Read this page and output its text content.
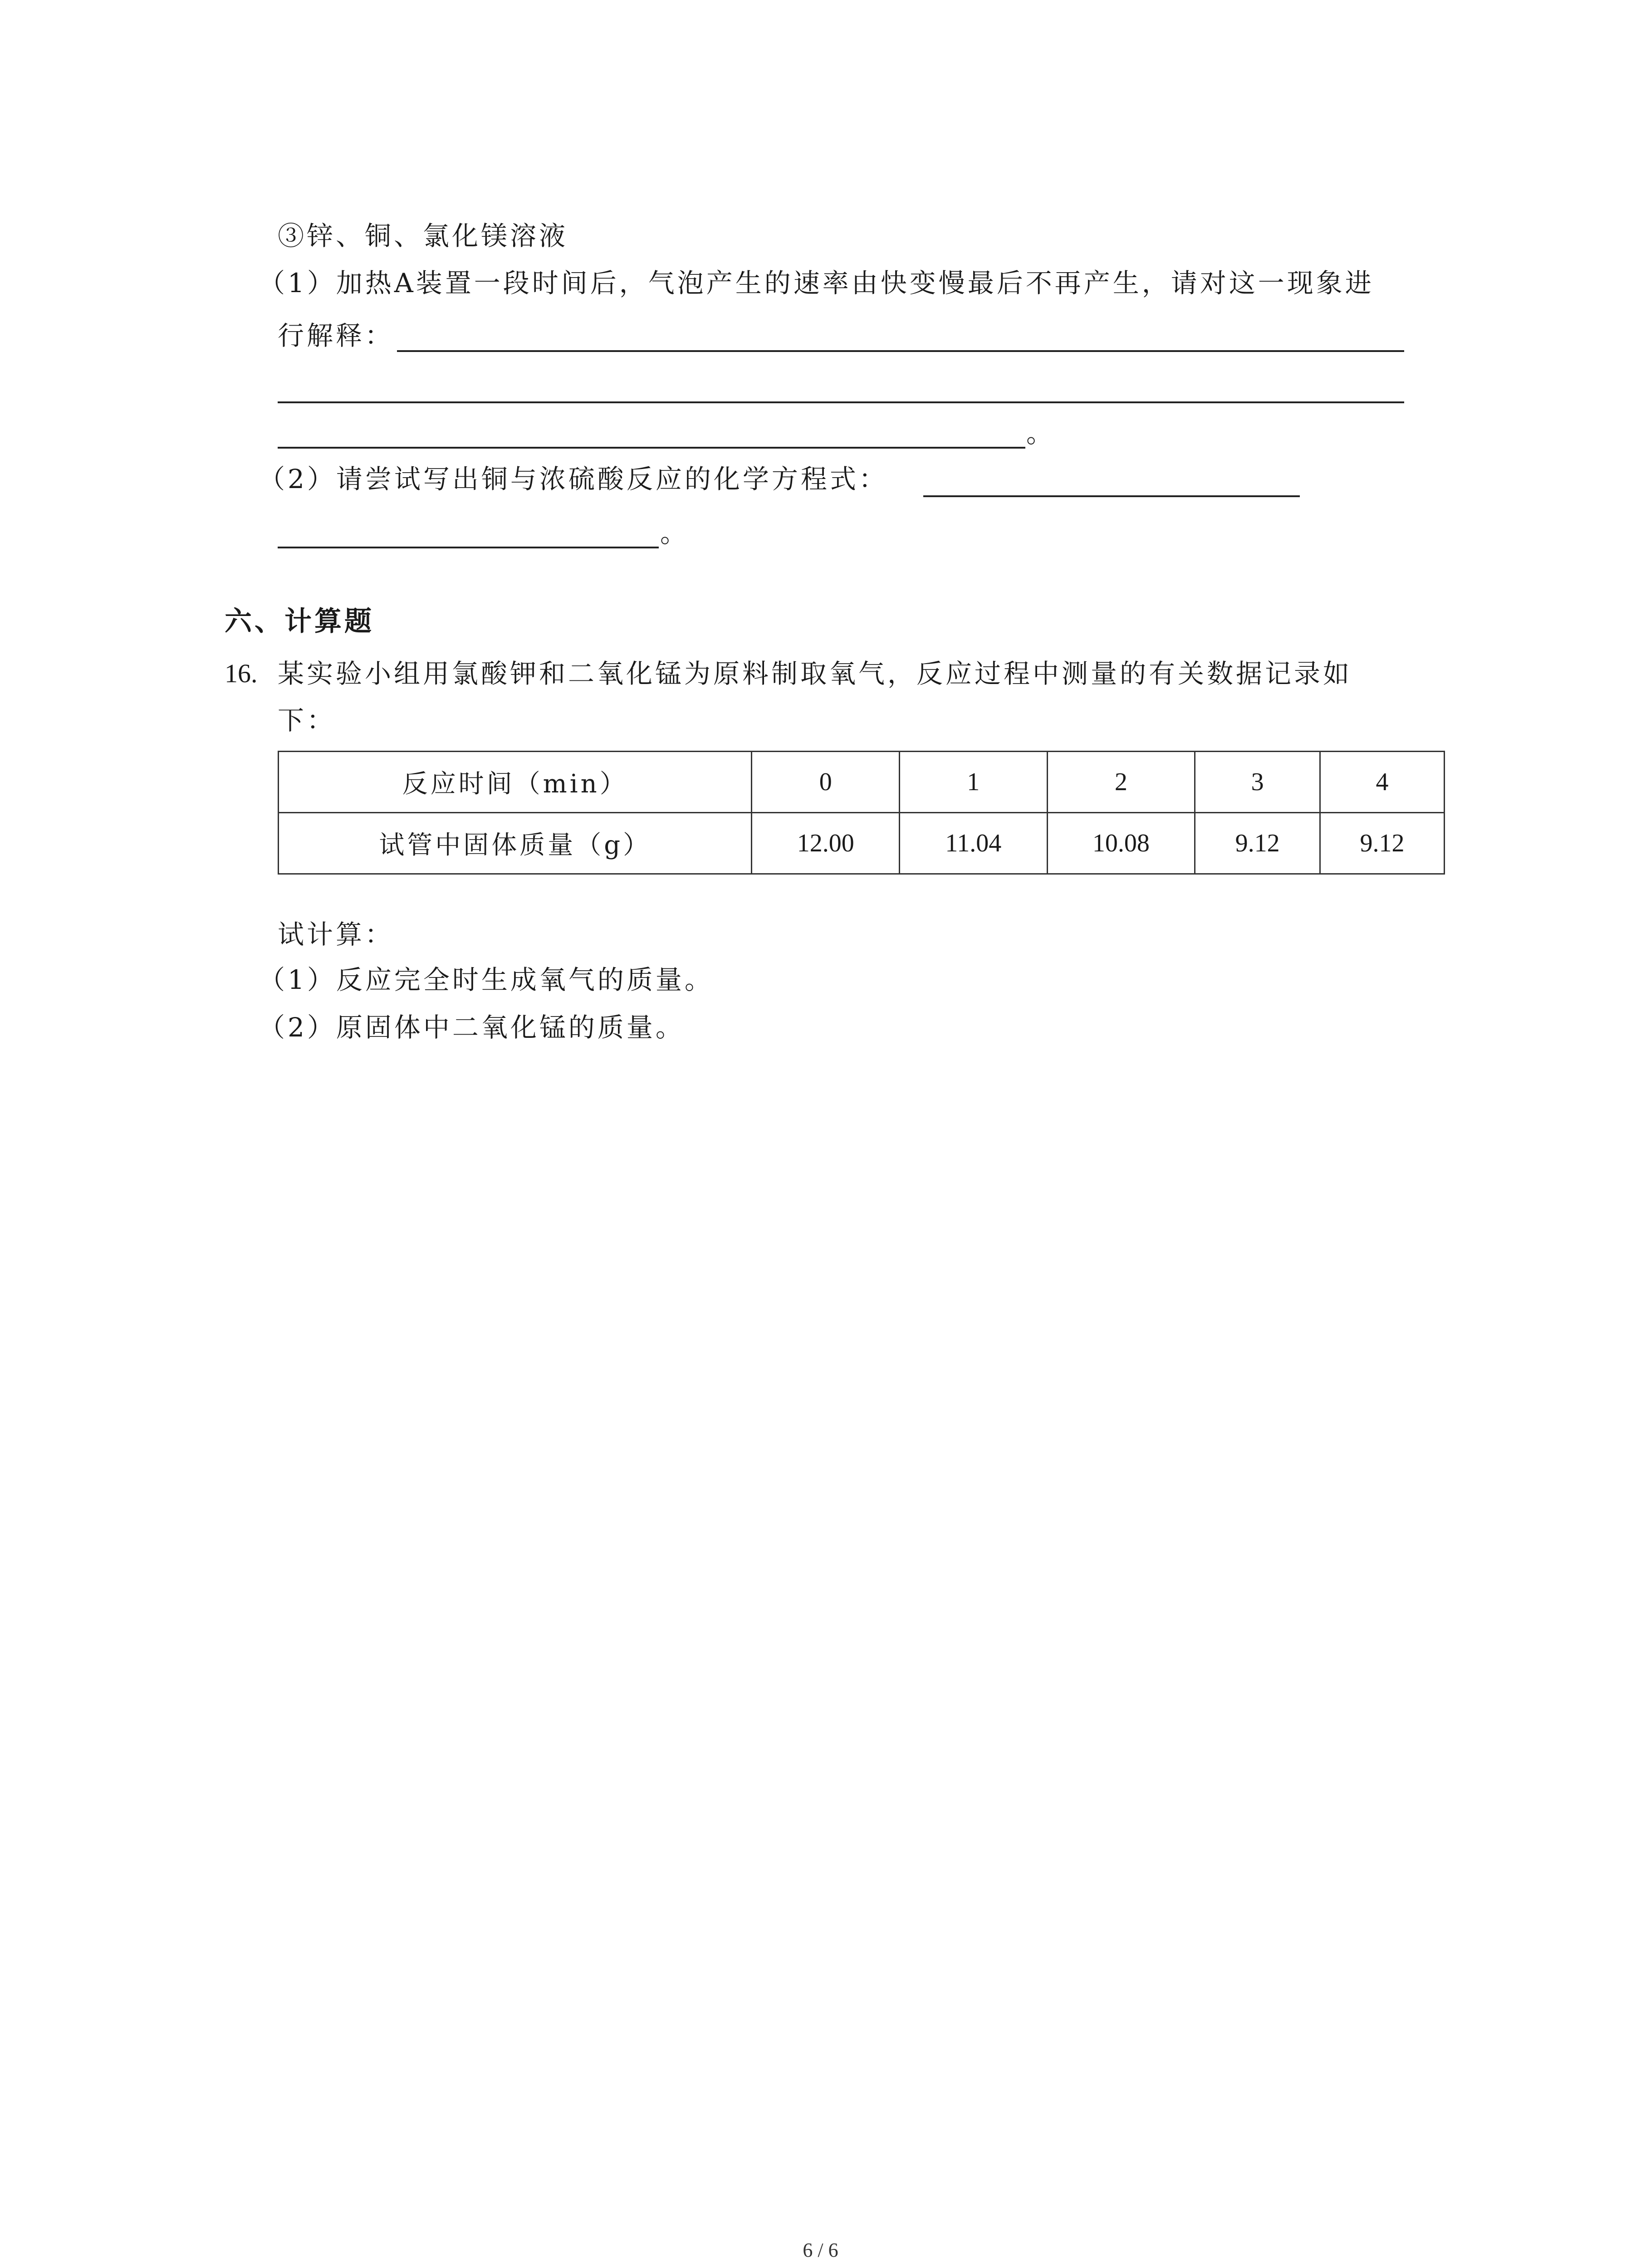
③锌、铜、氯化镁溶液
（1）加热A装置一段时间后，气泡产生的速率由快变慢最后不再产生，请对这一现象进
行解释：
。
（2）请尝试写出铜与浓硫酸反应的化学方程式：
。
六、计算题
16. 某实验小组用氯酸钾和二氧化锰为原料制取氧气，反应过程中测量的有关数据记录如
下：
反应时间（min）	0	1	2	3	4
试管中固体质量（g）	12.00	11.04	10.08	9.12	9.12
试计算：
（1）反应完全时生成氧气的质量。
（2）原固体中二氧化锰的质量。
6 / 6
